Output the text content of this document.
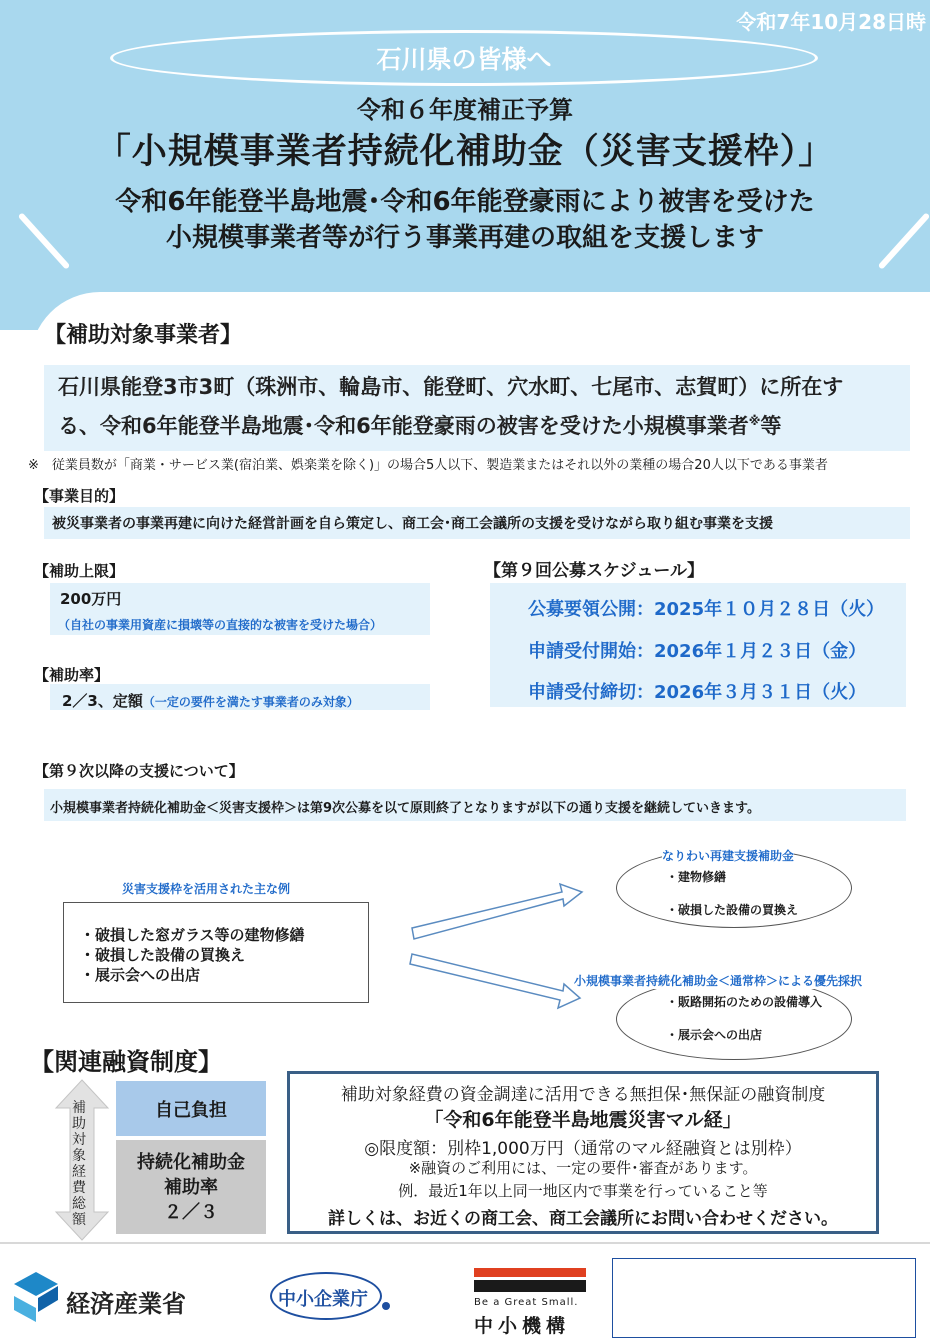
令和7年10月28日時
石川県の皆様へ
令和６年度補正予算
「小規模事業者持続化補助金（災害支援枠）」
令和6年能登半島地震･令和6年能登豪雨により被害を受けた
小規模事業者等が行う事業再建の取組を支援します
【補助対象事業者】
石川県能登3市3町（珠洲市、輪島市、能登町、穴水町、七尾市、志賀町）に所在す
る、令和6年能登半島地震･令和6年能登豪雨の被害を受けた小規模事業者※等
※　従業員数が「商業・サービス業(宿泊業、娯楽業を除く)」の場合5人以下、製造業またはそれ以外の業種の場合20人以下である事業者
【事業目的】
被災事業者の事業再建に向けた経営計画を自ら策定し、商工会･商工会議所の支援を受けながら取り組む事業を支援
【補助上限】
200万円
（自社の事業用資産に損壊等の直接的な被害を受けた場合）
【補助率】
2／3、定額（一定の要件を満たす事業者のみ対象）
【第９回公募スケジュール】
公募要領公開：2025年１０月２８日（火）
申請受付開始：2026年１月２３日（金）
申請受付締切：2026年３月３１日（火）
【第９次以降の支援について】
小規模事業者持続化補助金＜災害支援枠＞は第9次公募を以て原則終了となりますが以下の通り支援を継続していきます。
災害支援枠を活用された主な例
・破損した窓ガラス等の建物修繕
・破損した設備の買換え
・展示会への出店
なりわい再建支援補助金
・建物修繕
・破損した設備の買換え
小規模事業者持続化補助金＜通常枠＞による優先採択
・販路開拓のための設備導入
・展示会への出店
【関連融資制度】
補助対象経費総額
自己負担
持続化補助金
補助率
２／３
補助対象経費の資金調達に活用できる無担保･無保証の融資制度
「令和6年能登半島地震災害マル経」
◎限度額：別枠1,000万円（通常のマル経融資とは別枠）
※融資のご利用には、一定の要件･審査があります。
例．最近1年以上同一地区内で事業を行っていること等
詳しくは、お近くの商工会、商工会議所にお問い合わせください。
経済産業省	中小企業庁	Be a Great Small.
中小機構
